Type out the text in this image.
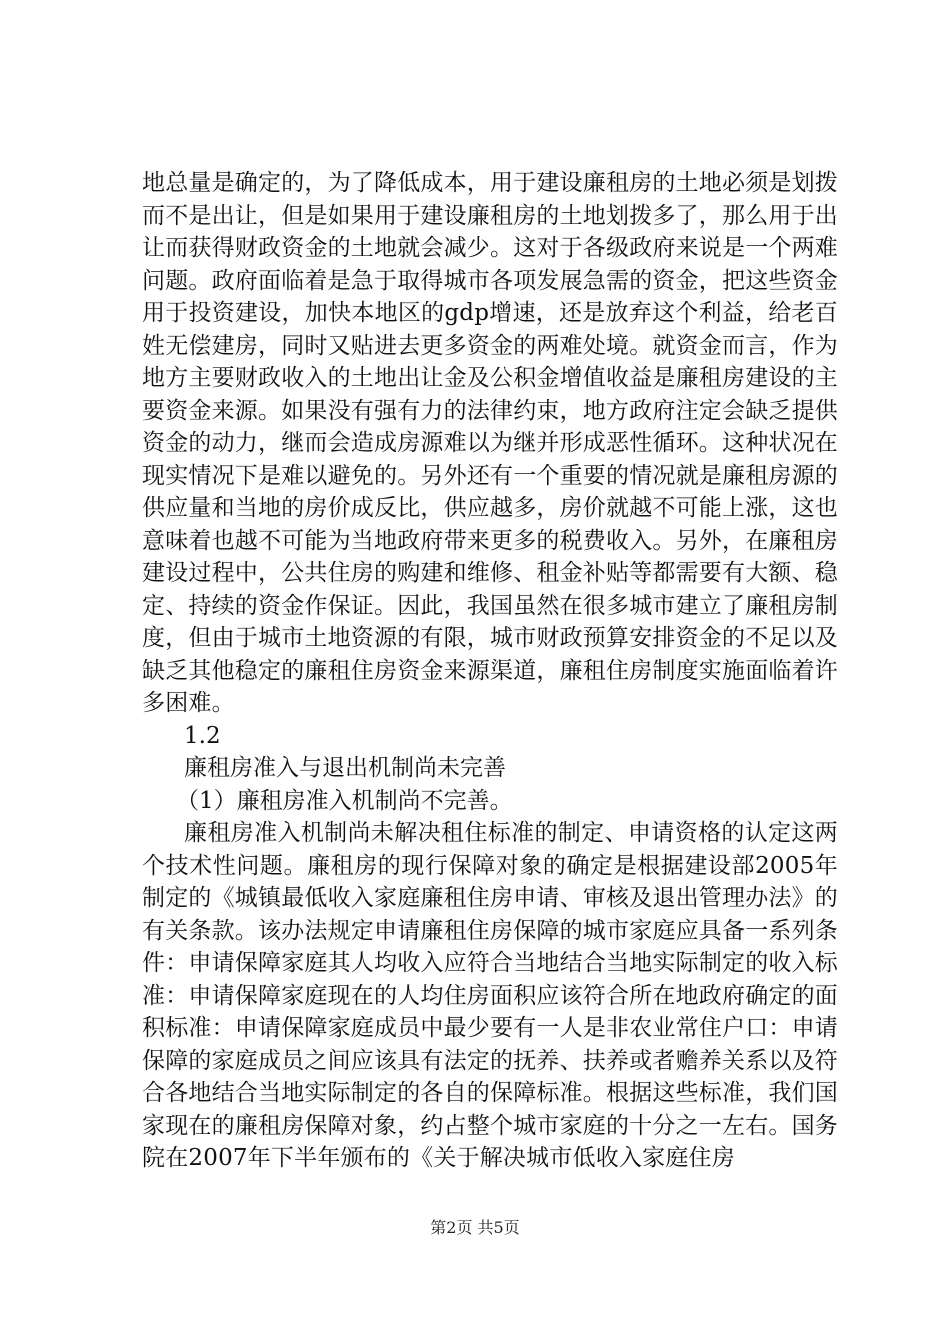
地总量是确定的，为了降低成本，用于建设廉租房的土地必须是划拨而不是出让，但是如果用于建设廉租房的土地划拨多了，那么用于出让而获得财政资金的土地就会减少。这对于各级政府来说是一个两难问题。政府面临着是急于取得城市各项发展急需的资金，把这些资金用于投资建设，加快本地区的gdp增速，还是放弃这个利益，给老百姓无偿建房，同时又贴进去更多资金的两难处境。就资金而言，作为地方主要财政收入的土地出让金及公积金增值收益是廉租房建设的主要资金来源。如果没有强有力的法律约束，地方政府注定会缺乏提供资金的动力，继而会造成房源难以为继并形成恶性循环。这种状况在现实情况下是难以避免的。另外还有一个重要的情况就是廉租房源的供应量和当地的房价成反比，供应越多，房价就越不可能上涨，这也意味着也越不可能为当地政府带来更多的税费收入。另外，在廉租房建设过程中，公共住房的购建和维修、租金补贴等都需要有大额、稳定、持续的资金作保证。因此，我国虽然在很多城市建立了廉租房制度，但由于城市土地资源的有限，城市财政预算安排资金的不足以及缺乏其他稳定的廉租住房资金来源渠道，廉租住房制度实施面临着许多困难。

1.2

廉租房准入与退出机制尚未完善

（1）廉租房准入机制尚不完善。

廉租房准入机制尚未解决租住标准的制定、申请资格的认定这两个技术性问题。廉租房的现行保障对象的确定是根据建设部2005年制定的《城镇最低收入家庭廉租住房申请、审核及退出管理办法》的有关条款。该办法规定申请廉租住房保障的城市家庭应具备一系列条件：申请保障家庭其人均收入应符合当地结合当地实际制定的收入标准：申请保障家庭现在的人均住房面积应该符合所在地政府确定的面积标准：申请保障家庭成员中最少要有一人是非农业常住户口：申请保障的家庭成员之间应该具有法定的抚养、扶养或者赡养关系以及符合各地结合当地实际制定的各自的保障标准。根据这些标准，我们国家现在的廉租房保障对象，约占整个城市家庭的十分之一左右。国务院在2007年下半年颁布的《关于解决城市低收入家庭住房

第2页 共5页
